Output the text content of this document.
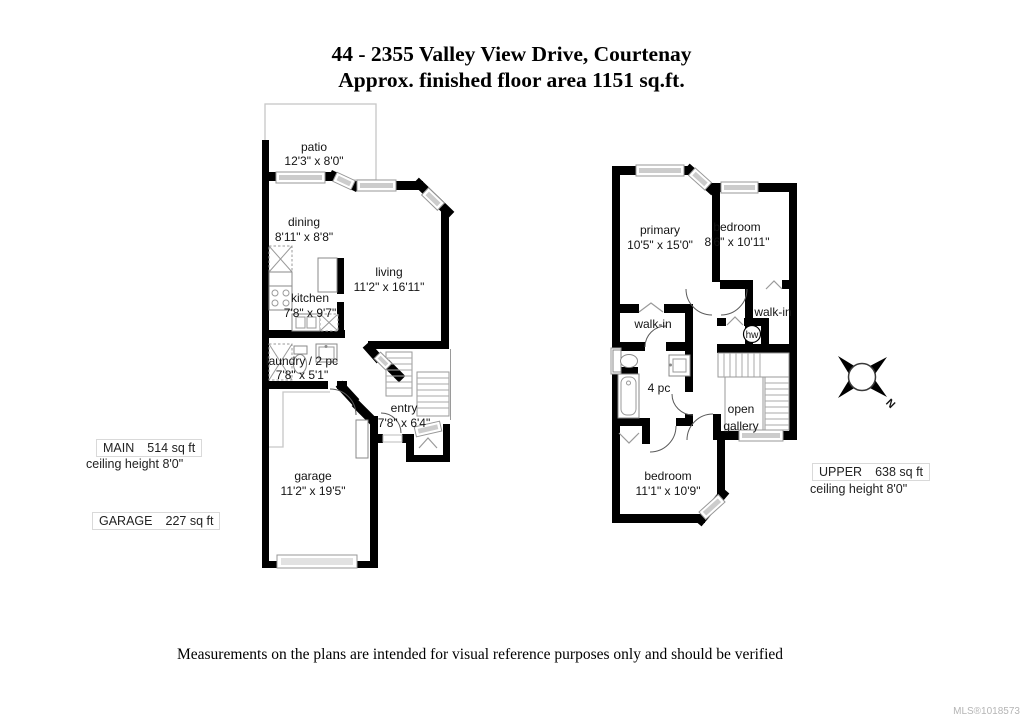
44 - 2355 Valley View Drive, Courtenay
Approx. finished floor area 1151 sq.ft.
patio
12'3" x 8'0"
dining
8'11" x 8'8"
kitchen
7'8" x 9'7"
living
11'2" x 16'11"
laundry / 2 pc
7'8" x 5'1"
entry
7'8" x 6'4"
garage
11'2" x 19'5"
primary
10'5" x 15'0"
bedroom
8'6" x 10'11"
walk-in
walk-in
hw
4 pc
open
gallery
bedroom
11'1" x 10'9"
N
MAIN 514 sq ft
ceiling height 8'0"
GARAGE 227 sq ft
UPPER 638 sq ft
ceiling height 8'0"
Measurements on the plans are intended for visual reference purposes only and should be verified
MLS®1018573
